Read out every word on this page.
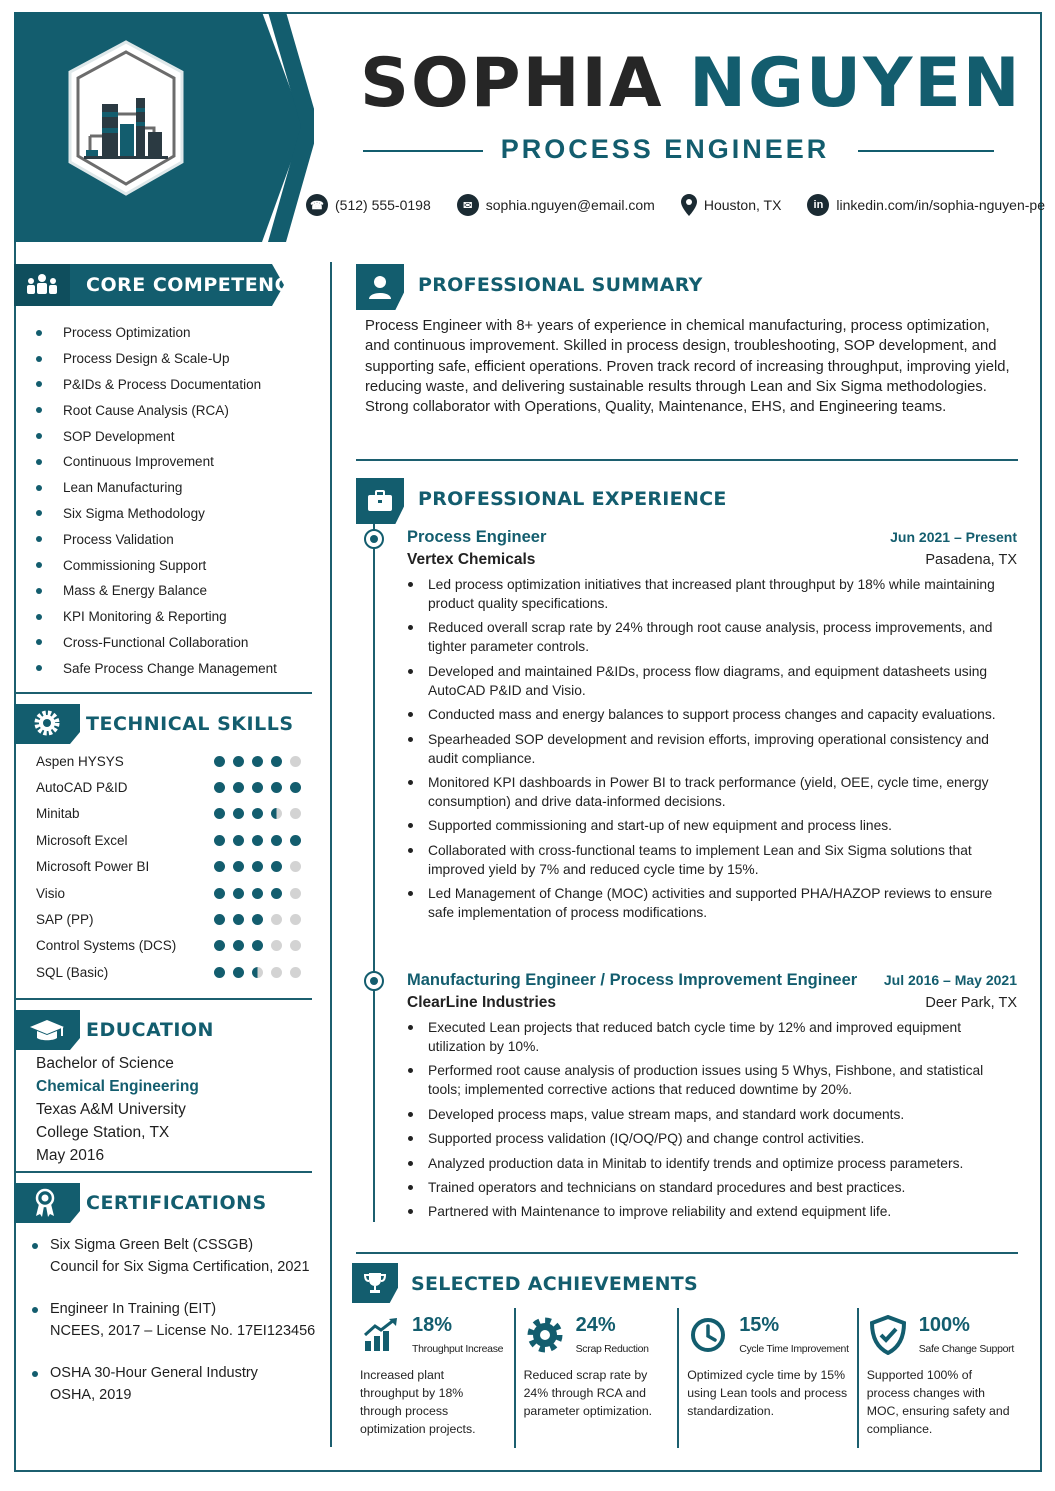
SOPHIA NGUYEN
PROCESS ENGINEER
☎ (512) 555-0198	✉ sophia.nguyen@email.com	Houston, TX	in linkedin.com/in/sophia-nguyen-pe
CORE COMPETENCIES
Process Optimization
Process Design & Scale-Up
P&IDs & Process Documentation
Root Cause Analysis (RCA)
SOP Development
Continuous Improvement
Lean Manufacturing
Six Sigma Methodology
Process Validation
Commissioning Support
Mass & Energy Balance
KPI Monitoring & Reporting
Cross-Functional Collaboration
Safe Process Change Management
TECHNICAL SKILLS
Aspen HYSYS
AutoCAD P&ID
Minitab
Microsoft Excel
Microsoft Power BI
Visio
SAP (PP)
Control Systems (DCS)
SQL (Basic)
EDUCATION
Bachelor of Science
Chemical Engineering
Texas A&M University
College Station, TX
May 2016
CERTIFICATIONS
Six Sigma Green Belt (CSSGB)
Council for Six Sigma Certification, 2021
Engineer In Training (EIT)
NCEES, 2017 – License No. 17EI123456
OSHA 30-Hour General Industry
OSHA, 2019
PROFESSIONAL SUMMARY
Process Engineer with 8+ years of experience in chemical manufacturing, process optimization, and continuous improvement. Skilled in process design, troubleshooting, SOP development, and supporting safe, efficient operations. Proven track record of increasing throughput, improving yield, reducing waste, and delivering sustainable results through Lean and Six Sigma methodologies. Strong collaborator with Operations, Quality, Maintenance, EHS, and Engineering teams.
PROFESSIONAL EXPERIENCE
Process Engineer	Jun 2021 – Present
Vertex Chemicals	Pasadena, TX
Led process optimization initiatives that increased plant throughput by 18% while maintaining product quality specifications.
Reduced overall scrap rate by 24% through root cause analysis, process improvements, and tighter parameter controls.
Developed and maintained P&IDs, process flow diagrams, and equipment datasheets using AutoCAD P&ID and Visio.
Conducted mass and energy balances to support process changes and capacity evaluations.
Spearheaded SOP development and revision efforts, improving operational consistency and audit compliance.
Monitored KPI dashboards in Power BI to track performance (yield, OEE, cycle time, energy consumption) and drive data-informed decisions.
Supported commissioning and start-up of new equipment and process lines.
Collaborated with cross-functional teams to implement Lean and Six Sigma solutions that improved yield by 7% and reduced cycle time by 15%.
Led Management of Change (MOC) activities and supported PHA/HAZOP reviews to ensure safe implementation of process modifications.
Manufacturing Engineer / Process Improvement Engineer Jul 2016 – May 2021
ClearLine Industries	Deer Park, TX
Executed Lean projects that reduced batch cycle time by 12% and improved equipment utilization by 10%.
Performed root cause analysis of production issues using 5 Whys, Fishbone, and statistical tools; implemented corrective actions that reduced downtime by 20%.
Developed process maps, value stream maps, and standard work documents.
Supported process validation (IQ/OQ/PQ) and change control activities.
Analyzed production data in Minitab to identify trends and optimize process parameters.
Trained operators and technicians on standard procedures and best practices.
Partnered with Maintenance to improve reliability and extend equipment life.
SELECTED ACHIEVEMENTS
18%
Throughput Increase
Increased plant throughput by 18% through process optimization projects.
24%
Scrap Reduction
Reduced scrap rate by 24% through RCA and parameter optimization.
15%
Cycle Time Improvement
Optimized cycle time by 15% using Lean tools and process standardization.
100%
Safe Change Support
Supported 100% of process changes with MOC, ensuring safety and compliance.
